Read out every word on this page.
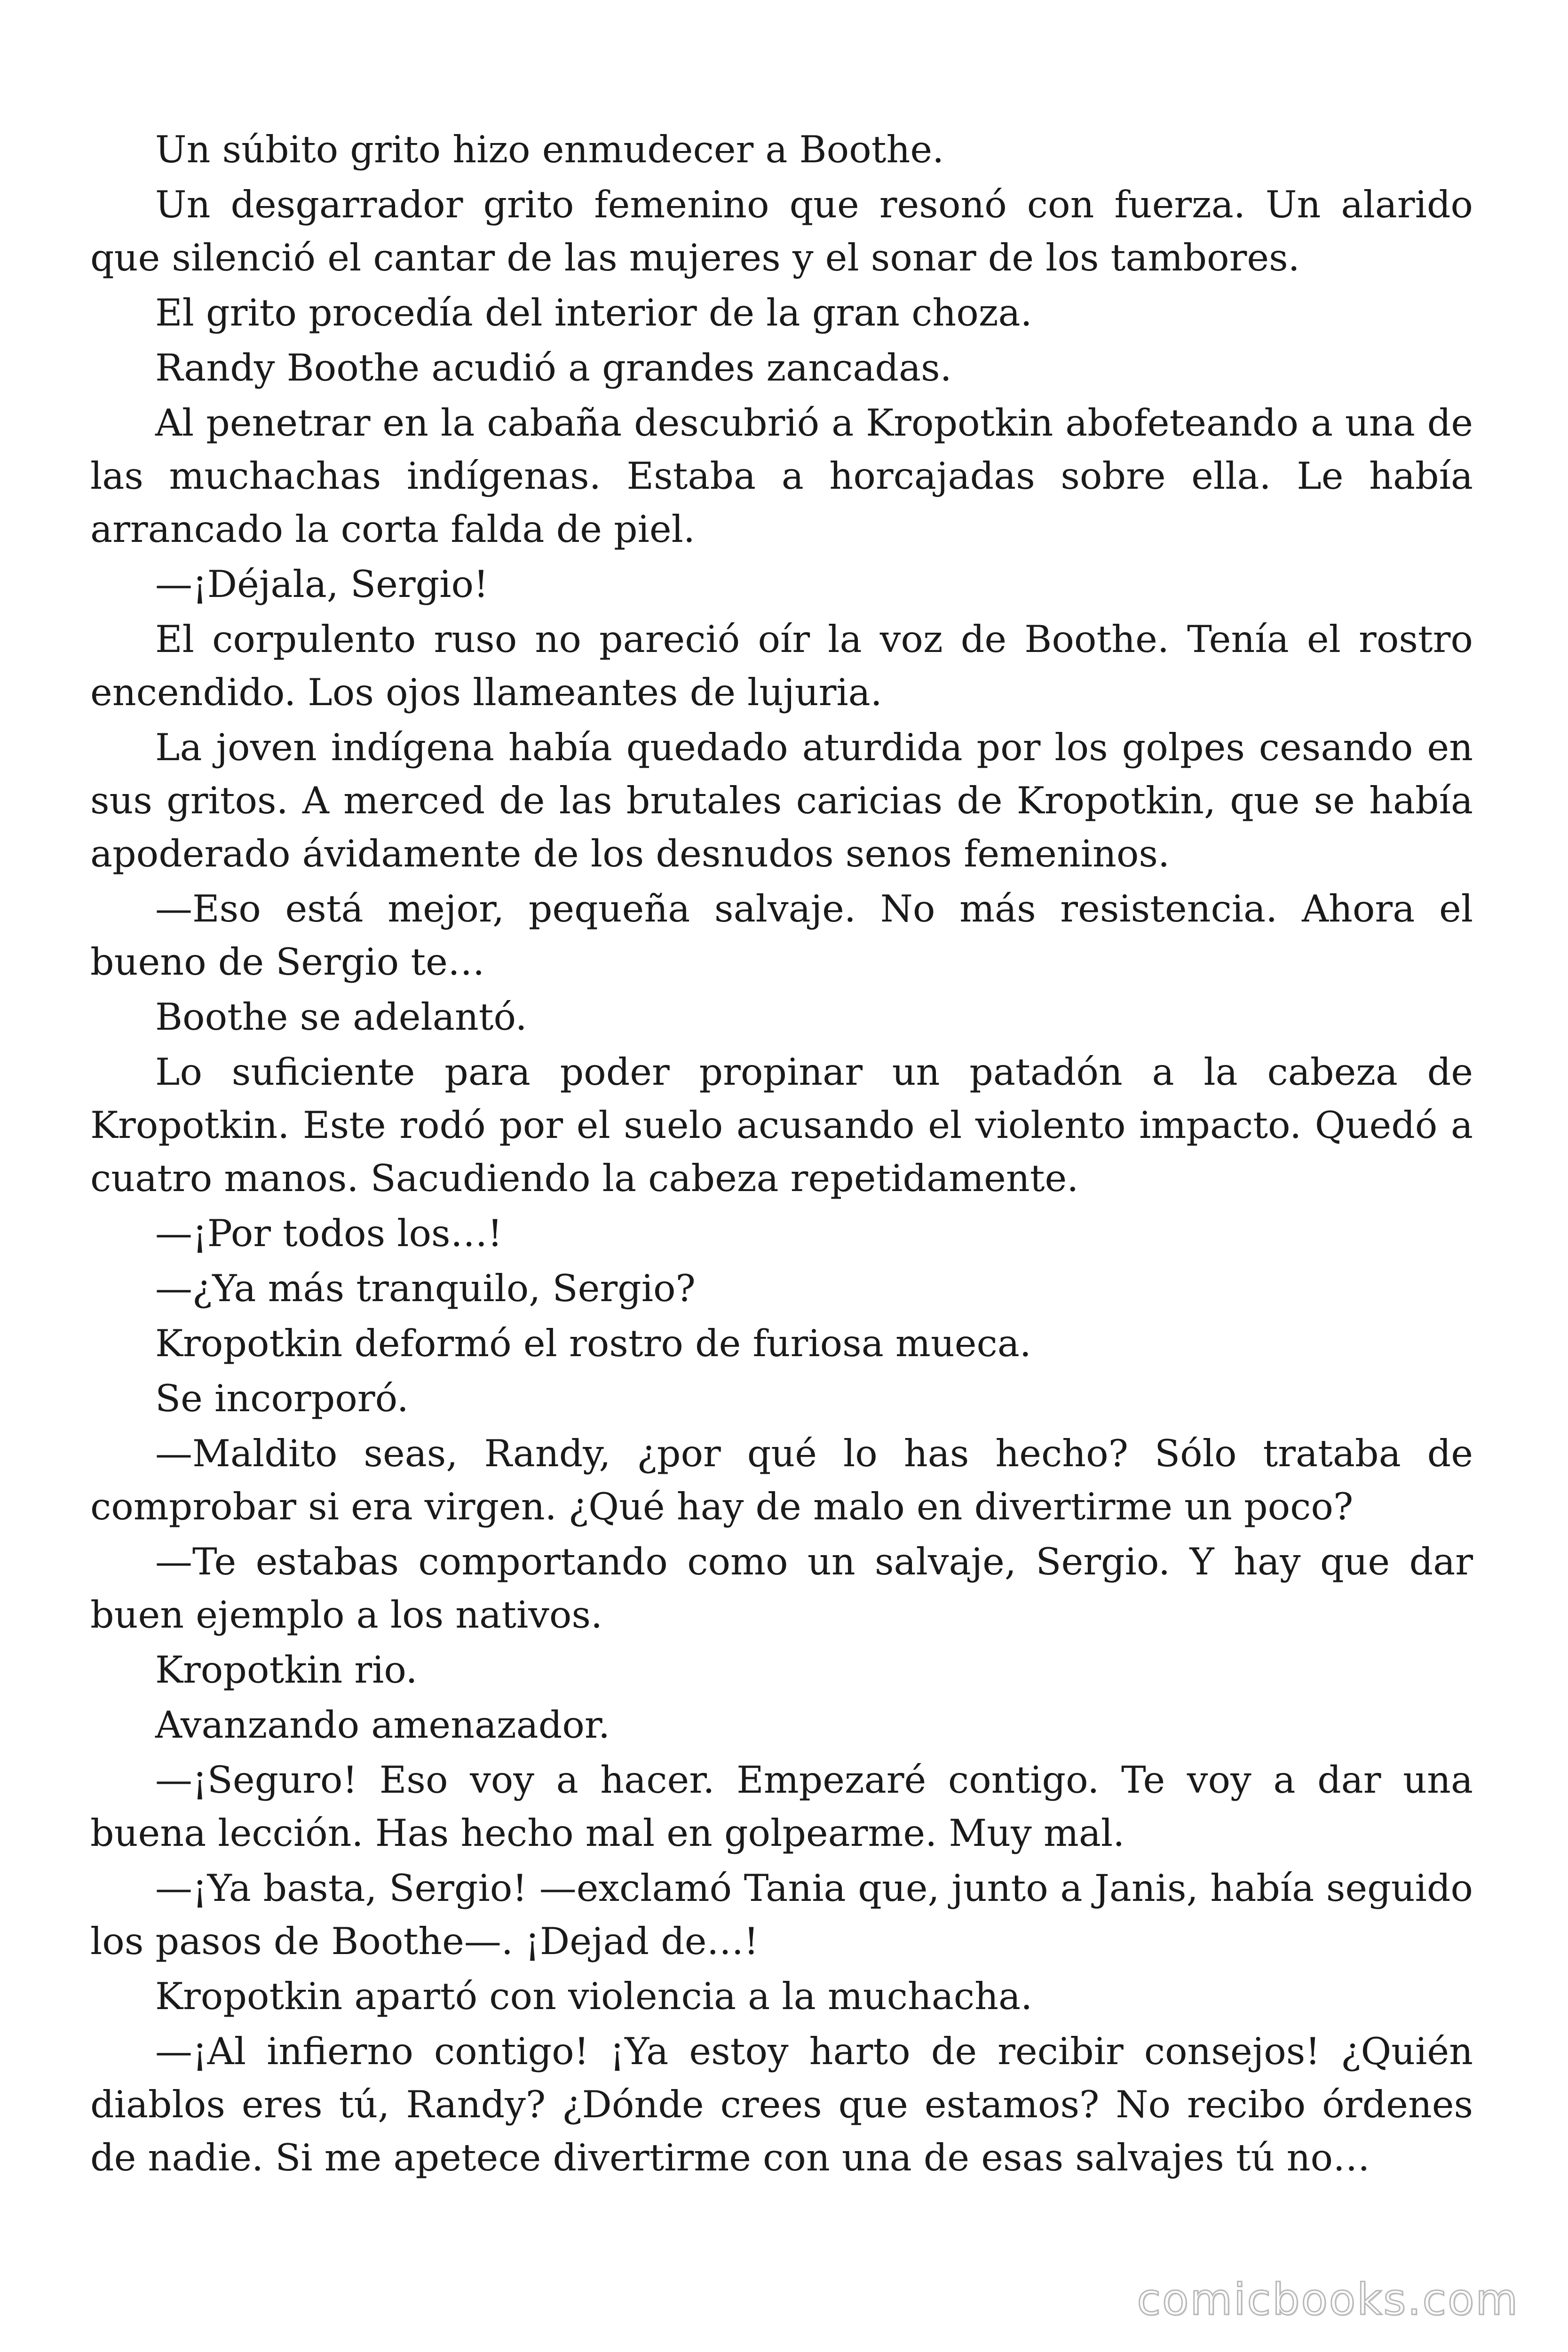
Un súbito grito hizo enmudecer a Boothe.

Un desgarrador grito femenino que resonó con fuerza. Un alarido que silenció el cantar de las mujeres y el sonar de los tambores.

El grito procedía del interior de la gran choza.

Randy Boothe acudió a grandes zancadas.

Al penetrar en la cabaña descubrió a Kropotkin abofeteando a una de las muchachas indígenas. Estaba a horcajadas sobre ella. Le había arrancado la corta falda de piel.

—¡Déjala, Sergio!

El corpulento ruso no pareció oír la voz de Boothe. Tenía el rostro encendido. Los ojos llameantes de lujuria.

La joven indígena había quedado aturdida por los golpes cesando en sus gritos. A merced de las brutales caricias de Kropotkin, que se había apoderado ávidamente de los desnudos senos femeninos.

—Eso está mejor, pequeña salvaje. No más resistencia. Ahora el bueno de Sergio te…

Boothe se adelantó.

Lo suficiente para poder propinar un patadón a la cabeza de Kropotkin. Este rodó por el suelo acusando el violento impacto. Quedó a cuatro manos. Sacudiendo la cabeza repetidamente.

—¡Por todos los…!

—¿Ya más tranquilo, Sergio?

Kropotkin deformó el rostro de furiosa mueca.

Se incorporó.

—Maldito seas, Randy, ¿por qué lo has hecho? Sólo trataba de comprobar si era virgen. ¿Qué hay de malo en divertirme un poco?

—Te estabas comportando como un salvaje, Sergio. Y hay que dar buen ejemplo a los nativos.

Kropotkin rio.

Avanzando amenazador.

—¡Seguro! Eso voy a hacer. Empezaré contigo. Te voy a dar una buena lección. Has hecho mal en golpearme. Muy mal.

—¡Ya basta, Sergio! —exclamó Tania que, junto a Janis, había seguido los pasos de Boothe—. ¡Dejad de…!

Kropotkin apartó con violencia a la muchacha.

—¡Al infierno contigo! ¡Ya estoy harto de recibir consejos! ¿Quién diablos eres tú, Randy? ¿Dónde crees que estamos? No recibo órdenes de nadie. Si me apetece divertirme con una de esas salvajes tú no…

comicbooks.com
